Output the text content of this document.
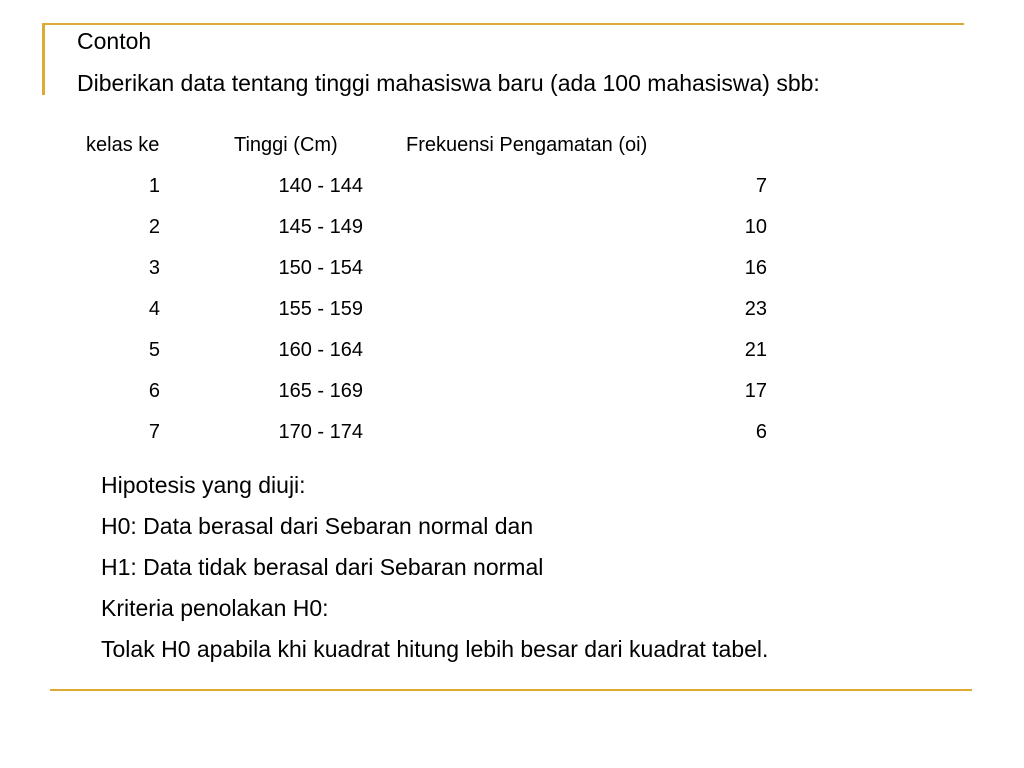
Contoh
Diberikan data tentang tinggi mahasiswa baru (ada 100 mahasiswa) sbb:
kelas ke	Tinggi (Cm)	Frekuensi Pengamatan (oi)
1	140 - 144	7
2	145 - 149	10
3	150 - 154	16
4	155 - 159	23
5	160 - 164	21
6	165 - 169	17
7	170 - 174	6
Hipotesis yang diuji:
H0: Data berasal dari Sebaran normal dan
H1: Data tidak berasal dari Sebaran normal
Kriteria penolakan H0:
Tolak H0 apabila khi kuadrat hitung lebih besar dari kuadrat tabel.
